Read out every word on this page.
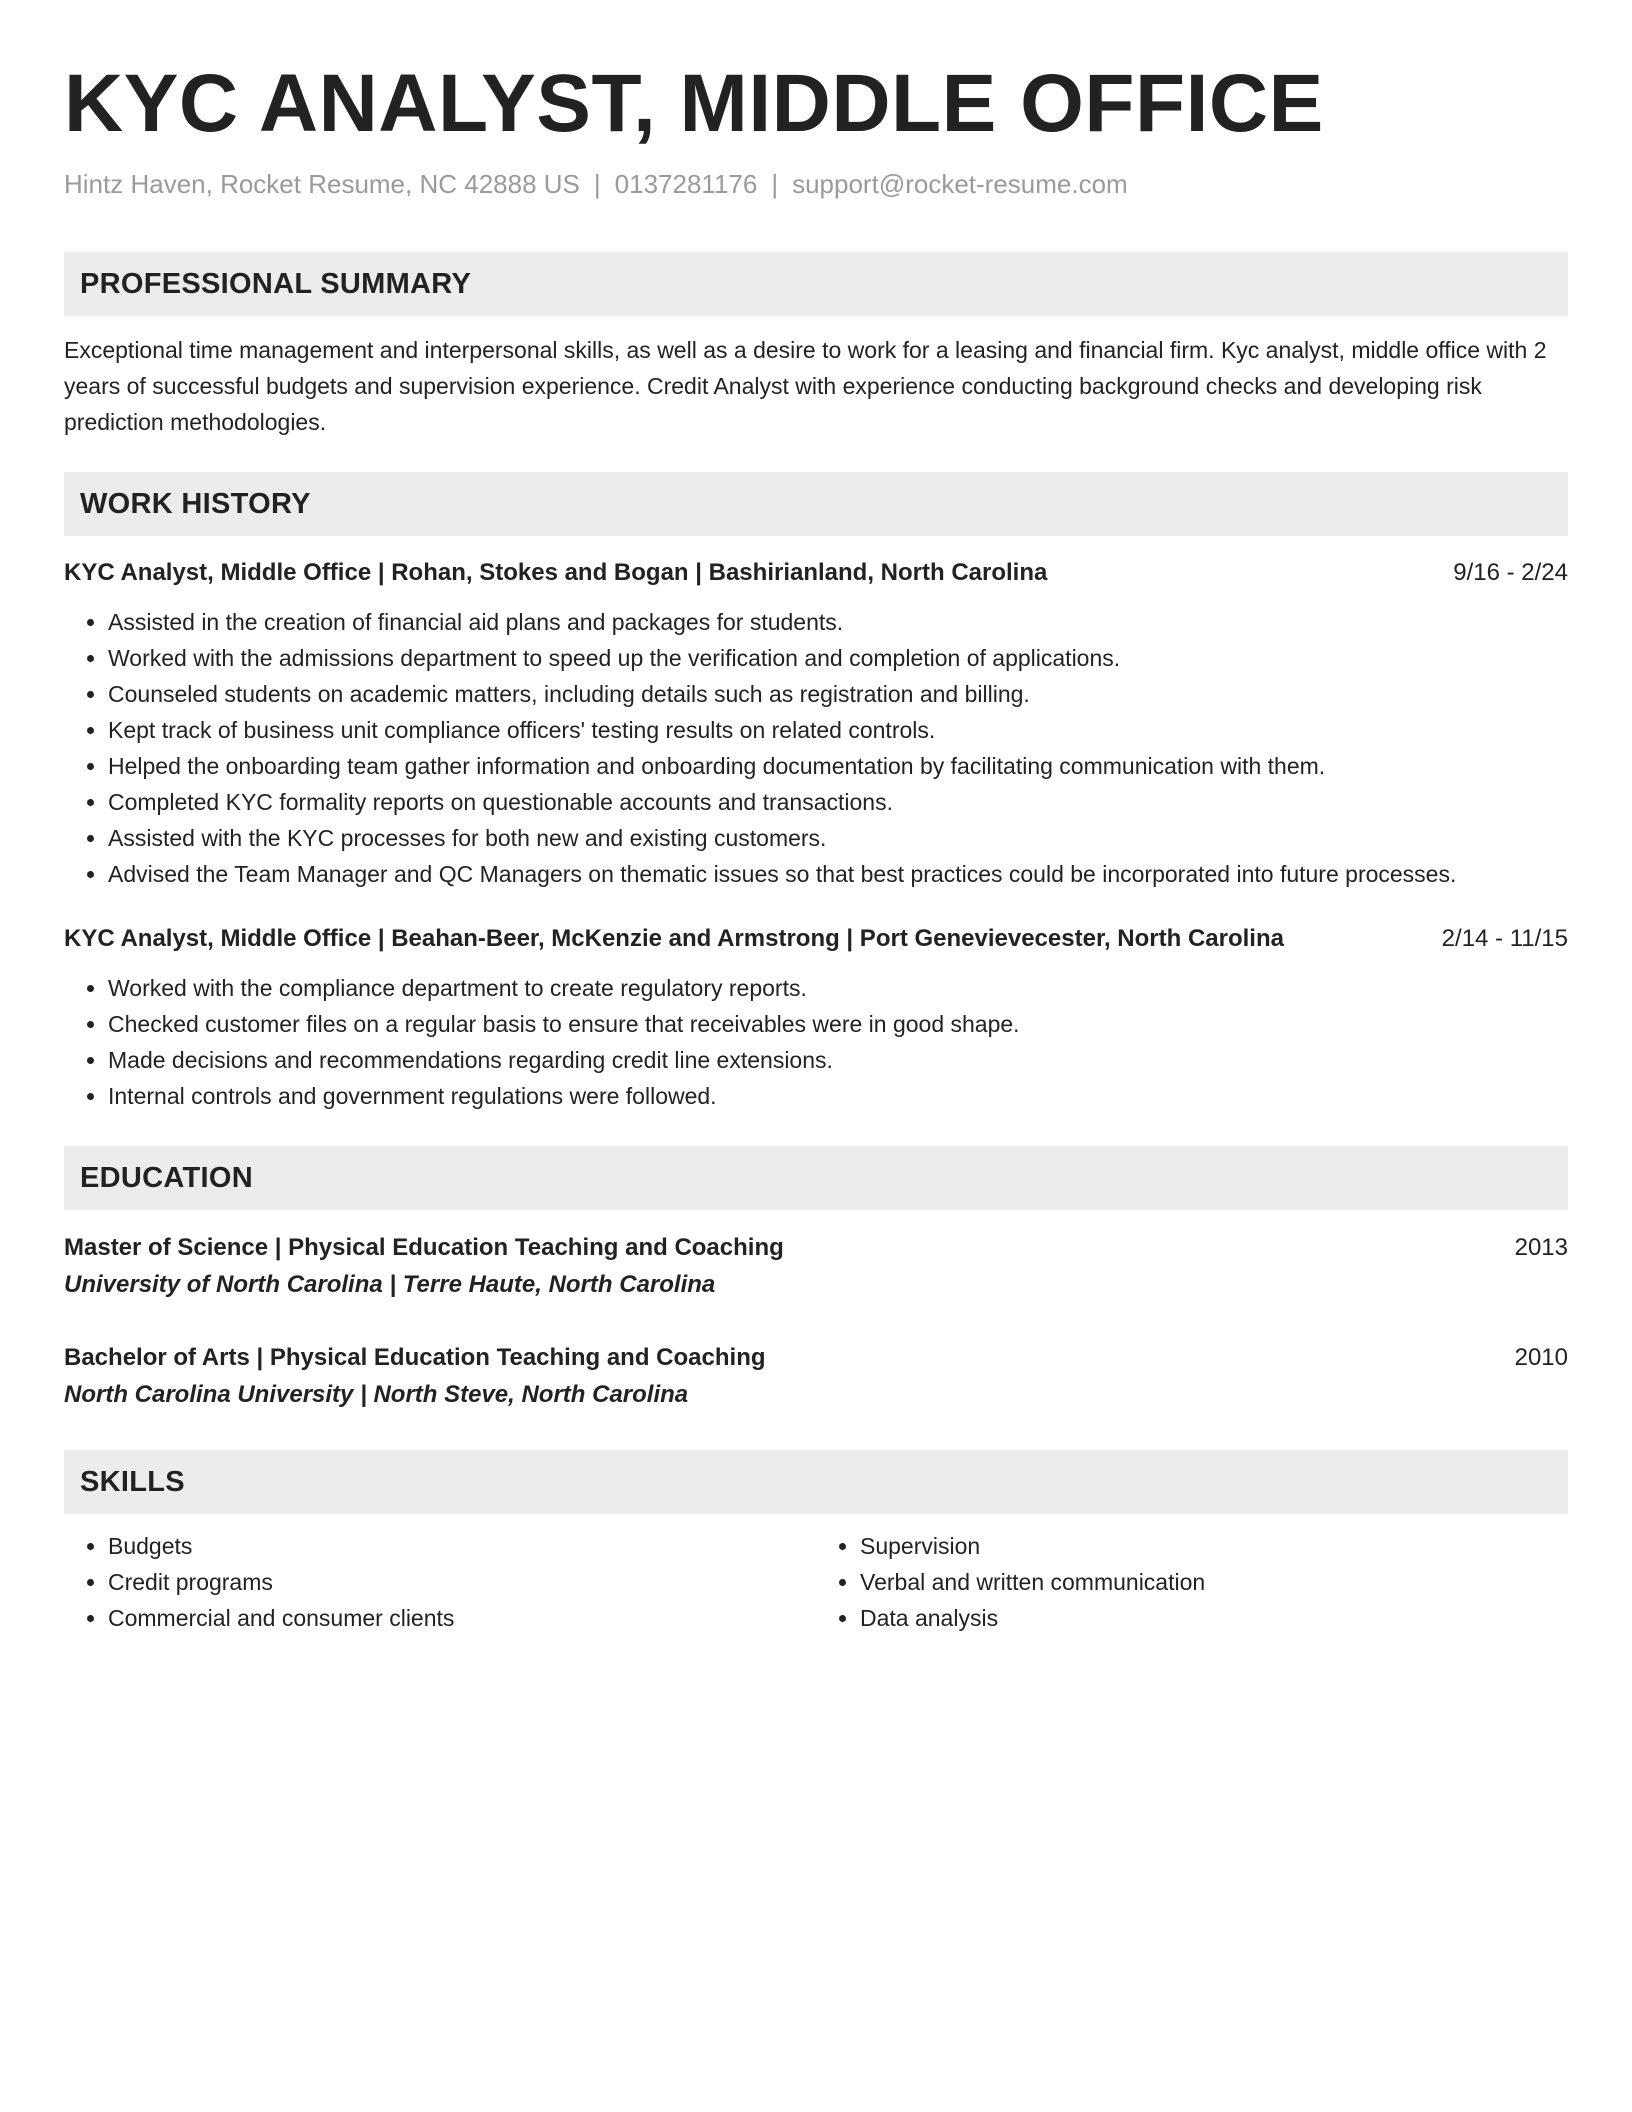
KYC ANALYST, MIDDLE OFFICE
Hintz Haven, Rocket Resume, NC 42888 US | 0137281176 | support@rocket-resume.com
PROFESSIONAL SUMMARY
Exceptional time management and interpersonal skills, as well as a desire to work for a leasing and financial firm. Kyc analyst, middle office with 2 years of successful budgets and supervision experience. Credit Analyst with experience conducting background checks and developing risk prediction methodologies.
WORK HISTORY
KYC Analyst, Middle Office | Rohan, Stokes and Bogan | Bashirianland, North Carolina	9/16 - 2/24
• Assisted in the creation of financial aid plans and packages for students.
• Worked with the admissions department to speed up the verification and completion of applications.
• Counseled students on academic matters, including details such as registration and billing.
• Kept track of business unit compliance officers' testing results on related controls.
• Helped the onboarding team gather information and onboarding documentation by facilitating communication with them.
• Completed KYC formality reports on questionable accounts and transactions.
• Assisted with the KYC processes for both new and existing customers.
• Advised the Team Manager and QC Managers on thematic issues so that best practices could be incorporated into future processes.
KYC Analyst, Middle Office | Beahan-Beer, McKenzie and Armstrong | Port Genevievecester, North Carolina	2/14 - 11/15
• Worked with the compliance department to create regulatory reports.
• Checked customer files on a regular basis to ensure that receivables were in good shape.
• Made decisions and recommendations regarding credit line extensions.
• Internal controls and government regulations were followed.
EDUCATION
Master of Science | Physical Education Teaching and Coaching	2013
University of North Carolina | Terre Haute, North Carolina
Bachelor of Arts | Physical Education Teaching and Coaching	2010
North Carolina University | North Steve, North Carolina
SKILLS
• Budgets
• Credit programs
• Commercial and consumer clients
• Supervision
• Verbal and written communication
• Data analysis
